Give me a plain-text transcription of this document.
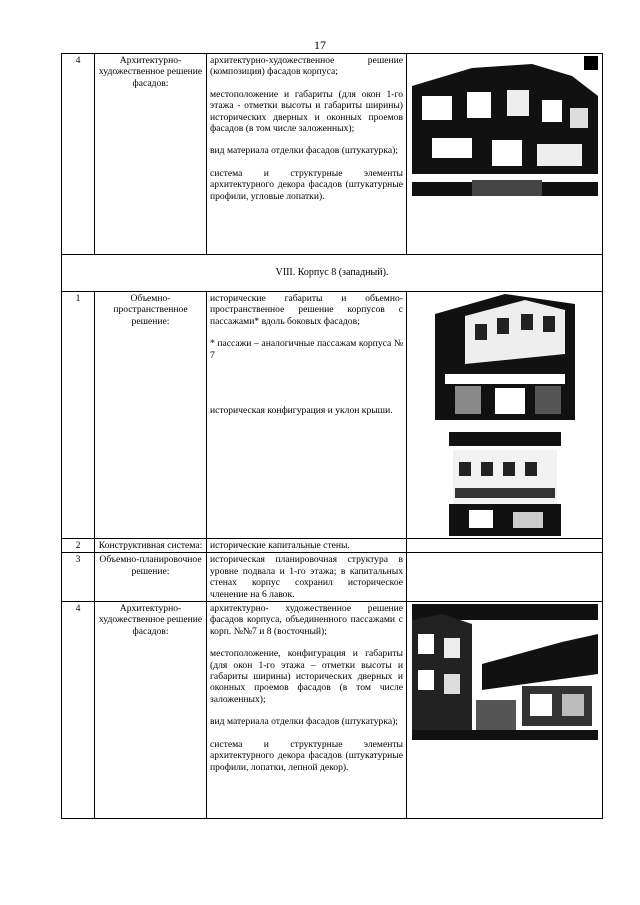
17
4	Архитектурно-художественное решение фасадов:	архитектурно-художественное решение (композиция) фасадов корпуса;

местоположение и габариты (для окон 1-го этажа - отметки высоты и габариты ширины) исторических дверных и оконных проемов фасадов (в том числе заложенных);

вид материала отделки фасадов (штукатурка);

система и структурные элементы архитектурного декора фасадов (штукатурные профили, угловые лопатки).

VIII. Корпус 8 (западный).			
1	Объемно-пространственное решение:	исторические габариты и объемно-пространственное решение корпусов с пассажами* вдоль боковых фасадов;

* пассажи – аналогичные пассажам корпуса № 7

историческая конфигурация и уклон крыши.

2	Конструктивная система:	исторические капитальные стены.	

3	Объемно-планировочное решение:	историческая планировочная структура в уровне подвала и 1-го этажа; в капитальных стенах корпус сохранил историческое членение на 6 лавок.	

4	Архитектурно-художественное решение фасадов:	архитектурно- художественное решение фасадов корпуса, объединенного пассажами с корп. №№7 и 8 (восточный);

местоположение, конфигурация и габариты (для окон 1-го этажа – отметки высоты и габариты ширины) исторических дверных и оконных проемов фасадов (в том числе заложенных);

вид материала отделки фасадов (штукатурка);

система и структурные элементы архитектурного декора фасадов (штукатурные профили, лопатки, лепной декор).
